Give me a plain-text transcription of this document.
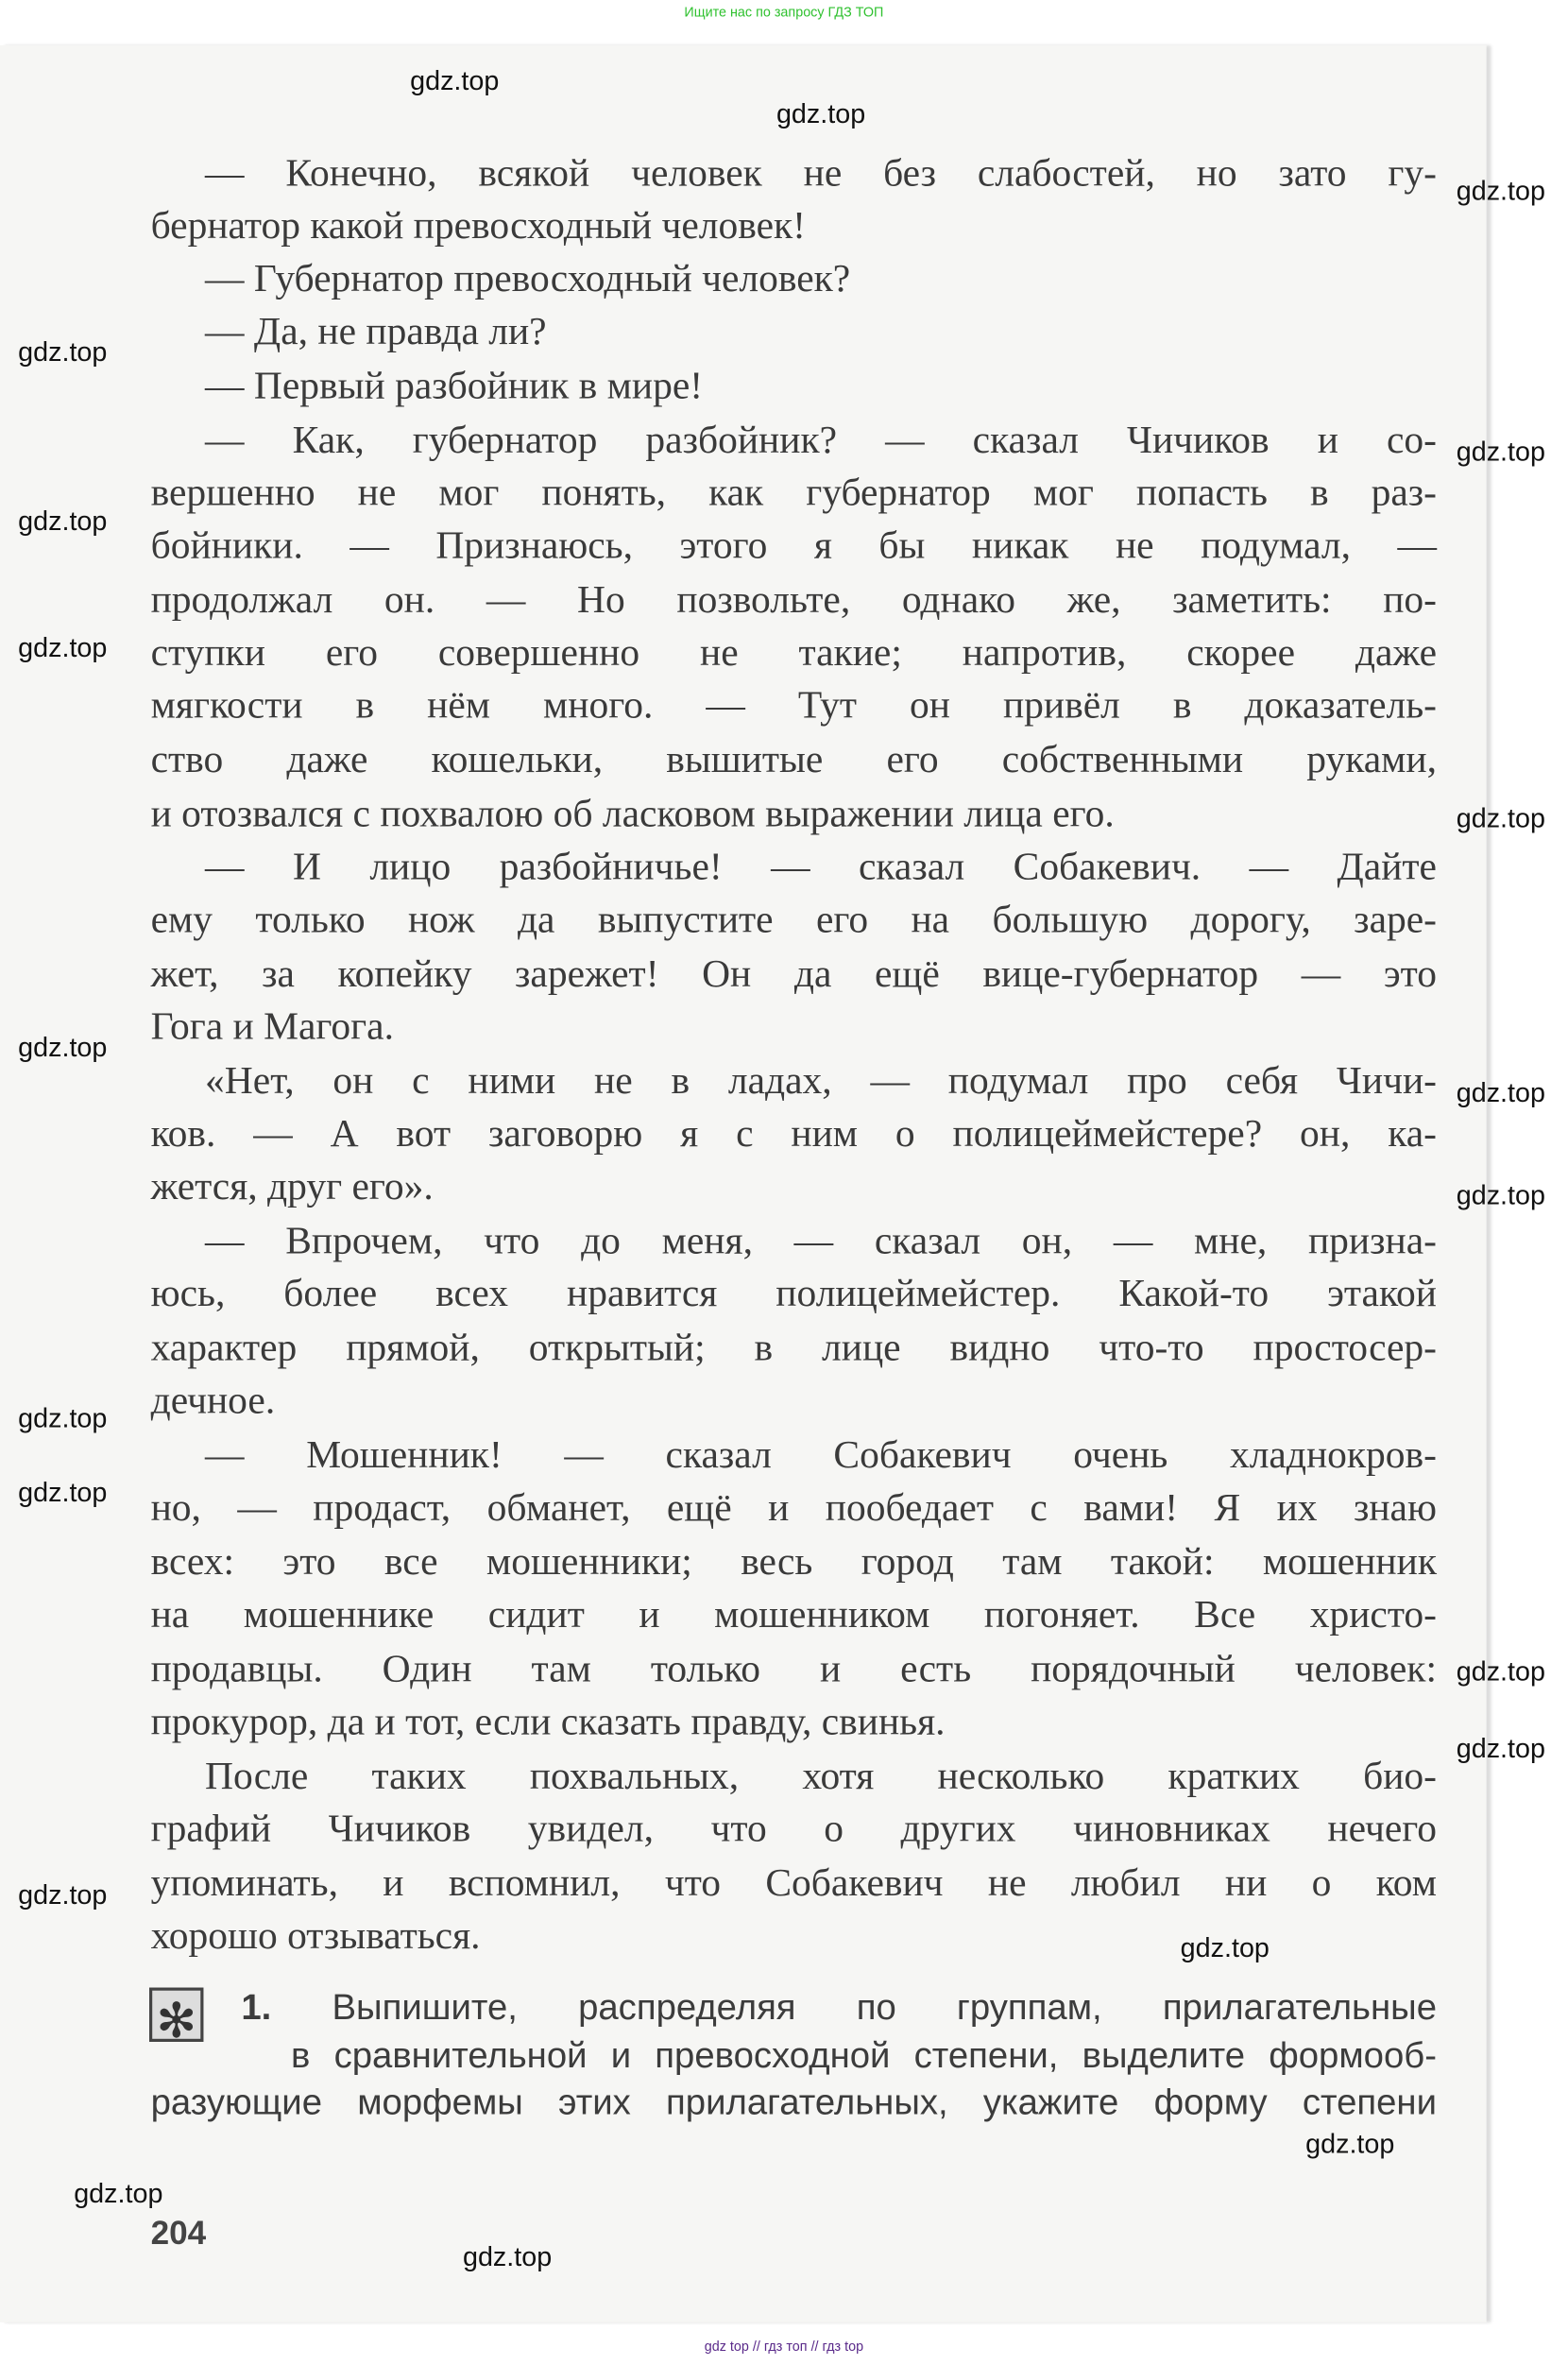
Ищите нас по запросу ГДЗ ТОП
— Конечно, всякой человек не без слабостей, но зато гу-
бернатор какой превосходный человек!
— Губернатор превосходный человек?
— Да, не правда ли?
— Первый разбойник в мире!
— Как, губернатор разбойник? — сказал Чичиков и со-
вершенно не мог понять, как губернатор мог попасть в раз-
бойники. — Признаюсь, этого я бы никак не подумал, —
продолжал он. — Но позвольте, однако же, заметить: по-
ступки его совершенно не такие; напротив, скорее даже
мягкости в нём много. — Тут он привёл в доказатель-
ство даже кошельки, вышитые его собственными руками,
и отозвался с похвалою об ласковом выражении лица его.
— И лицо разбойничье! — сказал Собакевич. — Дайте
ему только нож да выпустите его на большую дорогу, заре-
жет, за копейку зарежет! Он да ещё вице-губернатор — это
Гога и Магога.
«Нет, он с ними не в ладах, — подумал про себя Чичи-
ков. — А вот заговорю я с ним о полицеймейстере? он, ка-
жется, друг его».
— Впрочем, что до меня, — сказал он, — мне, призна-
юсь, более всех нравится полицеймейстер. Какой-то этакой
характер прямой, открытый; в лице видно что-то простосер-
дечное.
— Мошенник! — сказал Собакевич очень хладнокров-
но, — продаст, обманет, ещё и пообедает с вами! Я их знаю
всех: это все мошенники; весь город там такой: мошенник
на мошеннике сидит и мошенником погоняет. Все христо-
продавцы. Один там только и есть порядочный человек:
прокурор, да и тот, если сказать правду, свинья.
После таких похвальных, хотя несколько кратких био-
графий Чичиков увидел, что о других чиновниках нечего
упоминать, и вспомнил, что Собакевич не любил ни о ком
хорошо отзываться.
✻	1.	Выпишите, распределяя по группам, прилагательные
в сравнительной и превосходной степени, выделите формооб-
разующие морфемы этих прилагательных, укажите форму степени
204
gdz.top
gdz.top
gdz.top
gdz.top
gdz.top
gdz.top
gdz.top
gdz.top
gdz.top
gdz.top
gdz.top
gdz.top
gdz.top
gdz.top
gdz.top
gdz.top
gdz.top
gdz.top
gdz.top
gdz.top
gdz top // гдз топ // гдз top
